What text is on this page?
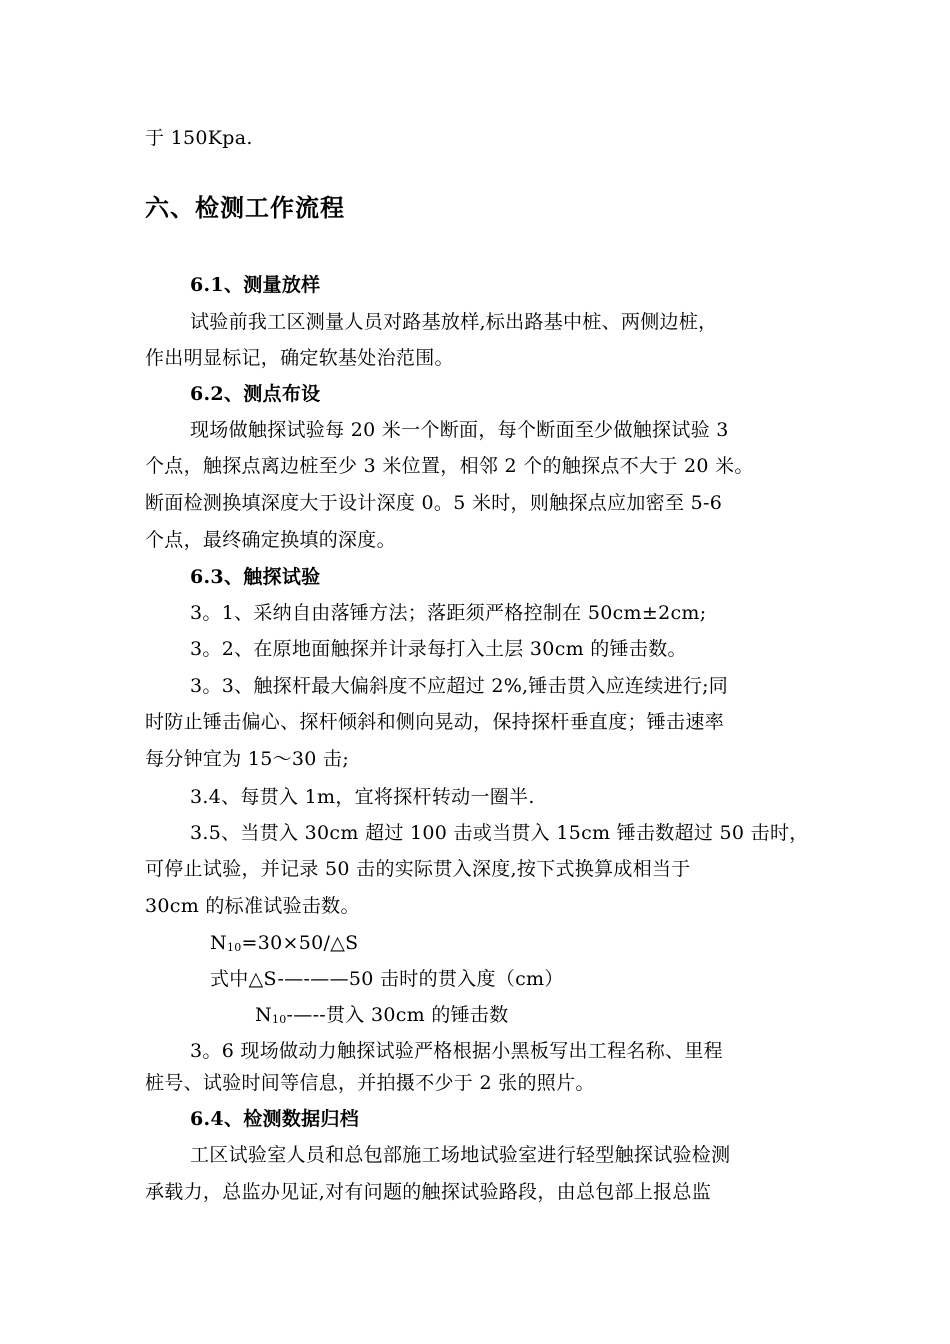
于 150Kpa.
六、检测工作流程
6.1、测量放样
试验前我工区测量人员对路基放样,标出路基中桩、两侧边桩，
作出明显标记，确定软基处治范围。
6.2、测点布设
现场做触探试验每 20 米一个断面，每个断面至少做触探试验 3
个点，触探点离边桩至少 3 米位置，相邻 2 个的触探点不大于 20 米。
断面检测换填深度大于设计深度 0。5 米时，则触探点应加密至 5-6
个点，最终确定换填的深度。
6.3、触探试验
3。1、采纳自由落锤方法；落距须严格控制在 50cm±2cm;
3。2、在原地面触探并计录每打入土层 30cm 的锤击数。
3。3、触探杆最大偏斜度不应超过 2%,锤击贯入应连续进行;同
时防止锤击偏心、探杆倾斜和侧向晃动，保持探杆垂直度；锤击速率
每分钟宜为 15～30 击;
3.4、每贯入 1m，宜将探杆转动一圈半.
3.5、当贯入 30cm 超过 100 击或当贯入 15cm 锤击数超过 50 击时，
可停止试验，并记录 50 击的实际贯入深度,按下式换算成相当于
30cm 的标准试验击数。
$N_{10}=30\times 50/\triangle S$
式中△S-—-——50 击时的贯入度（cm）
$N_{10}-—--$贯入 30cm 的锤击数
3。6 现场做动力触探试验严格根据小黑板写出工程名称、里程
桩号、试验时间等信息，并拍摄不少于 2 张的照片。
6.4、检测数据归档
工区试验室人员和总包部施工场地试验室进行轻型触探试验检测
承载力，总监办见证,对有问题的触探试验路段，由总包部上报总监
